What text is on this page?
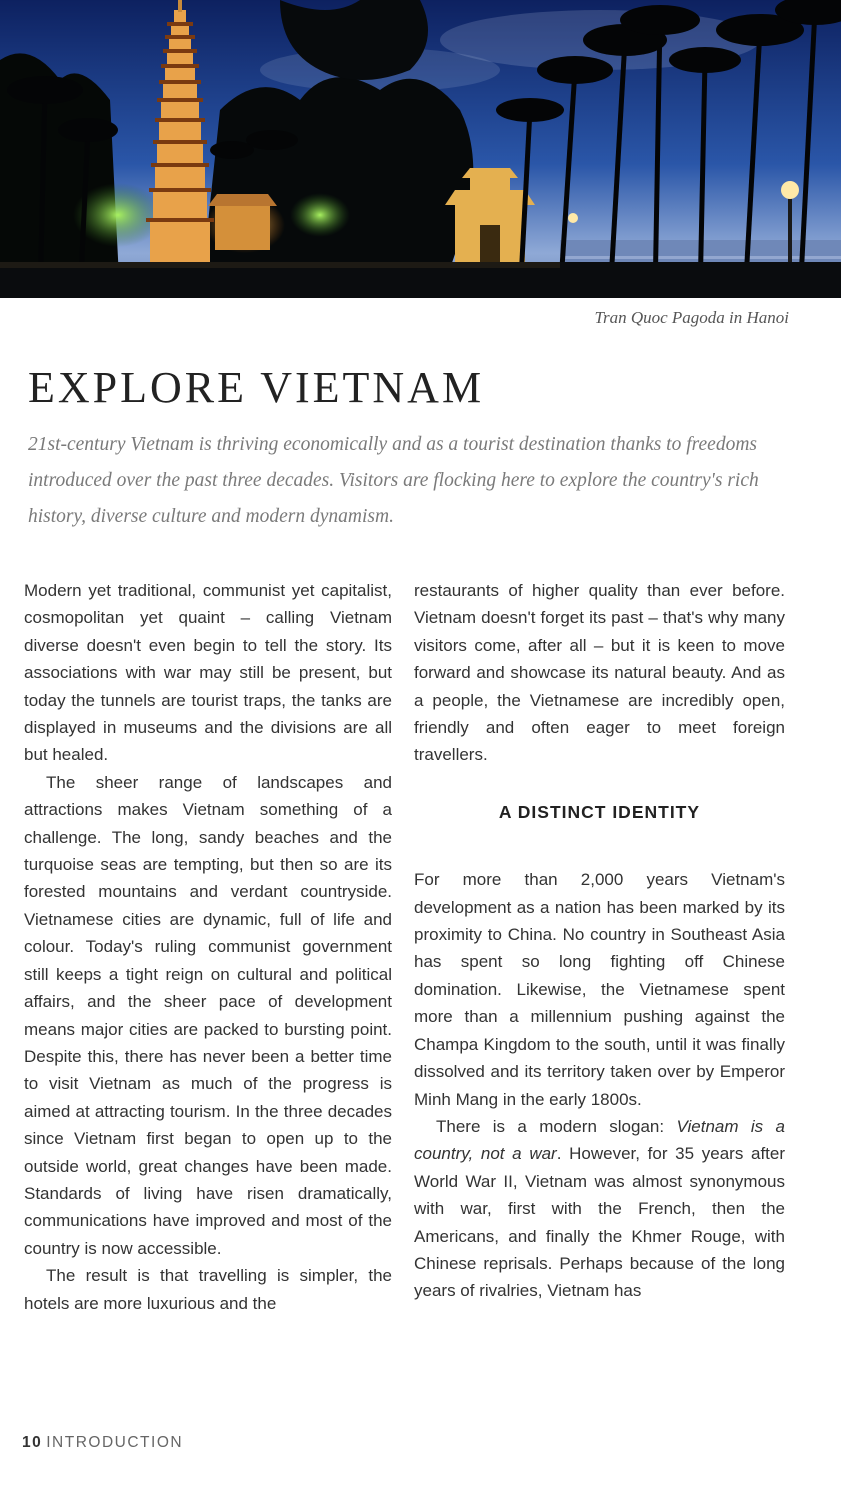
Tran Quoc Pagoda in Hanoi
EXPLORE VIETNAM

21st-century Vietnam is thriving economically and as a tourist destination thanks to freedoms introduced over the past three decades. Visitors are flocking here to explore the country's rich history, diverse culture and modern dynamism.

Modern yet traditional, communist yet capitalist, cosmopolitan yet quaint – calling Vietnam diverse doesn't even begin to tell the story. Its associations with war may still be present, but today the tunnels are tourist traps, the tanks are displayed in museums and the divisions are all but healed.

The sheer range of landscapes and attractions makes Vietnam something of a challenge. The long, sandy beaches and the turquoise seas are tempting, but then so are its forested mountains and verdant countryside. Vietnamese cities are dynamic, full of life and colour. Today's ruling communist government still keeps a tight reign on cultural and political affairs, and the sheer pace of development means major cities are packed to bursting point. Despite this, there has never been a better time to visit Vietnam as much of the progress is aimed at attracting tourism. In the three decades since Vietnam first began to open up to the outside world, great changes have been made. Standards of living have risen dramatically, communications have improved and most of the country is now accessible.

The result is that travelling is simpler, the hotels are more luxurious and the

restaurants of higher quality than ever before. Vietnam doesn't forget its past – that's why many visitors come, after all – but it is keen to move forward and showcase its natural beauty. And as a people, the Vietnamese are incredibly open, friendly and often eager to meet foreign travellers.

A DISTINCT IDENTITY

For more than 2,000 years Vietnam's development as a nation has been marked by its proximity to China. No country in Southeast Asia has spent so long fighting off Chinese domination. Likewise, the Vietnamese spent more than a millennium pushing against the Champa Kingdom to the south, until it was finally dissolved and its territory taken over by Emperor Minh Mang in the early 1800s.

There is a modern slogan: Vietnam is a country, not a war. However, for 35 years after World War II, Vietnam was almost synonymous with war, first with the French, then the Americans, and finally the Khmer Rouge, with Chinese reprisals. Perhaps because of the long years of rivalries, Vietnam has

10 INTRODUCTION
